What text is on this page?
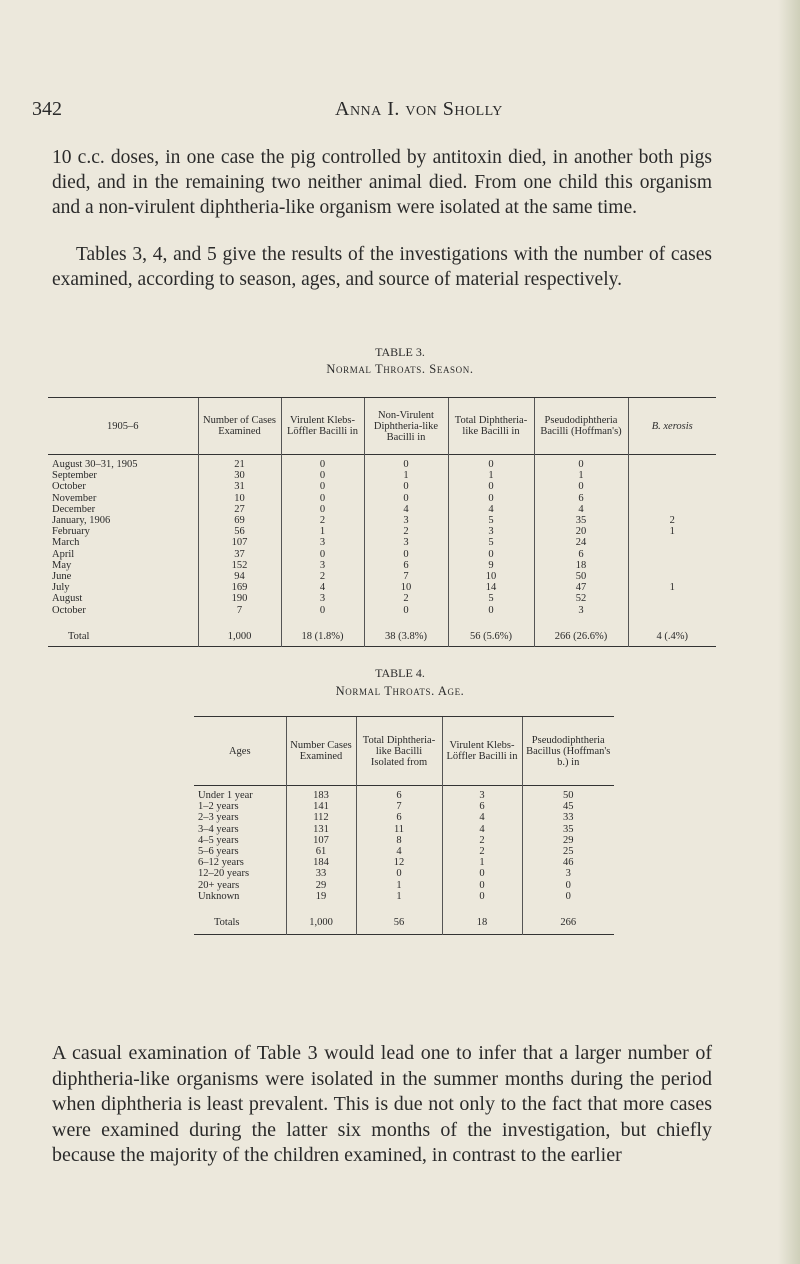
342	Anna I. von Sholly

10 c.c. doses, in one case the pig controlled by antitoxin died, in another both pigs died, and in the remaining two neither animal died. From one child this organism and a non-virulent diphtheria-like organism were isolated at the same time.

Tables 3, 4, and 5 give the results of the investigations with the number of cases examined, according to season, ages, and source of material respectively.

TABLE 3.
Normal Throats. Season.
1905–6	Number of Cases Examined	Virulent Klebs-Löffler Bacilli in	Non-Virulent Diphtheria-like Bacilli in	Total Diphtheria-like Bacilli in	Pseudodiphtheria Bacilli (Hoffman's)	B. xerosis
August 30–31, 1905	21	0	0	0	0	
September	30	0	1	1	1	
October	31	0	0	0	0	
November	10	0	0	0	6	
December	27	0	4	4	4	
January, 1906	69	2	3	5	35	2
February	56	1	2	3	20	1
March	107	3	3	5	24	
April	37	0	0	0	6	
May	152	3	6	9	18	
June	94	2	7	10	50	
July	169	4	10	14	47	1
August	190	3	2	5	52	
October	7	0	0	0	3	
Total	1,000	18 (1.8%)	38 (3.8%)	56 (5.6%)	266 (26.6%)	4 (.4%)
TABLE 4.
Normal Throats. Age.
Ages	Number Cases Examined	Total Diphtheria-like Bacilli Isolated from	Virulent Klebs-Löffler Bacilli in	Pseudodiphtheria Bacillus (Hoffman's b.) in
Under 1 year	183	6	3	50
1–2 years	141	7	6	45
2–3 years	112	6	4	33
3–4 years	131	11	4	35
4–5 years	107	8	2	29
5–6 years	61	4	2	25
6–12 years	184	12	1	46
12–20 years	33	0	0	3
20+ years	29	1	0	0
Unknown	19	1	0	0
Totals	1,000	56	18	266

A casual examination of Table 3 would lead one to infer that a larger number of diphtheria-like organisms were isolated in the summer months during the period when diphtheria is least prevalent. This is due not only to the fact that more cases were examined during the latter six months of the investigation, but chiefly because the majority of the children examined, in contrast to the earlier
